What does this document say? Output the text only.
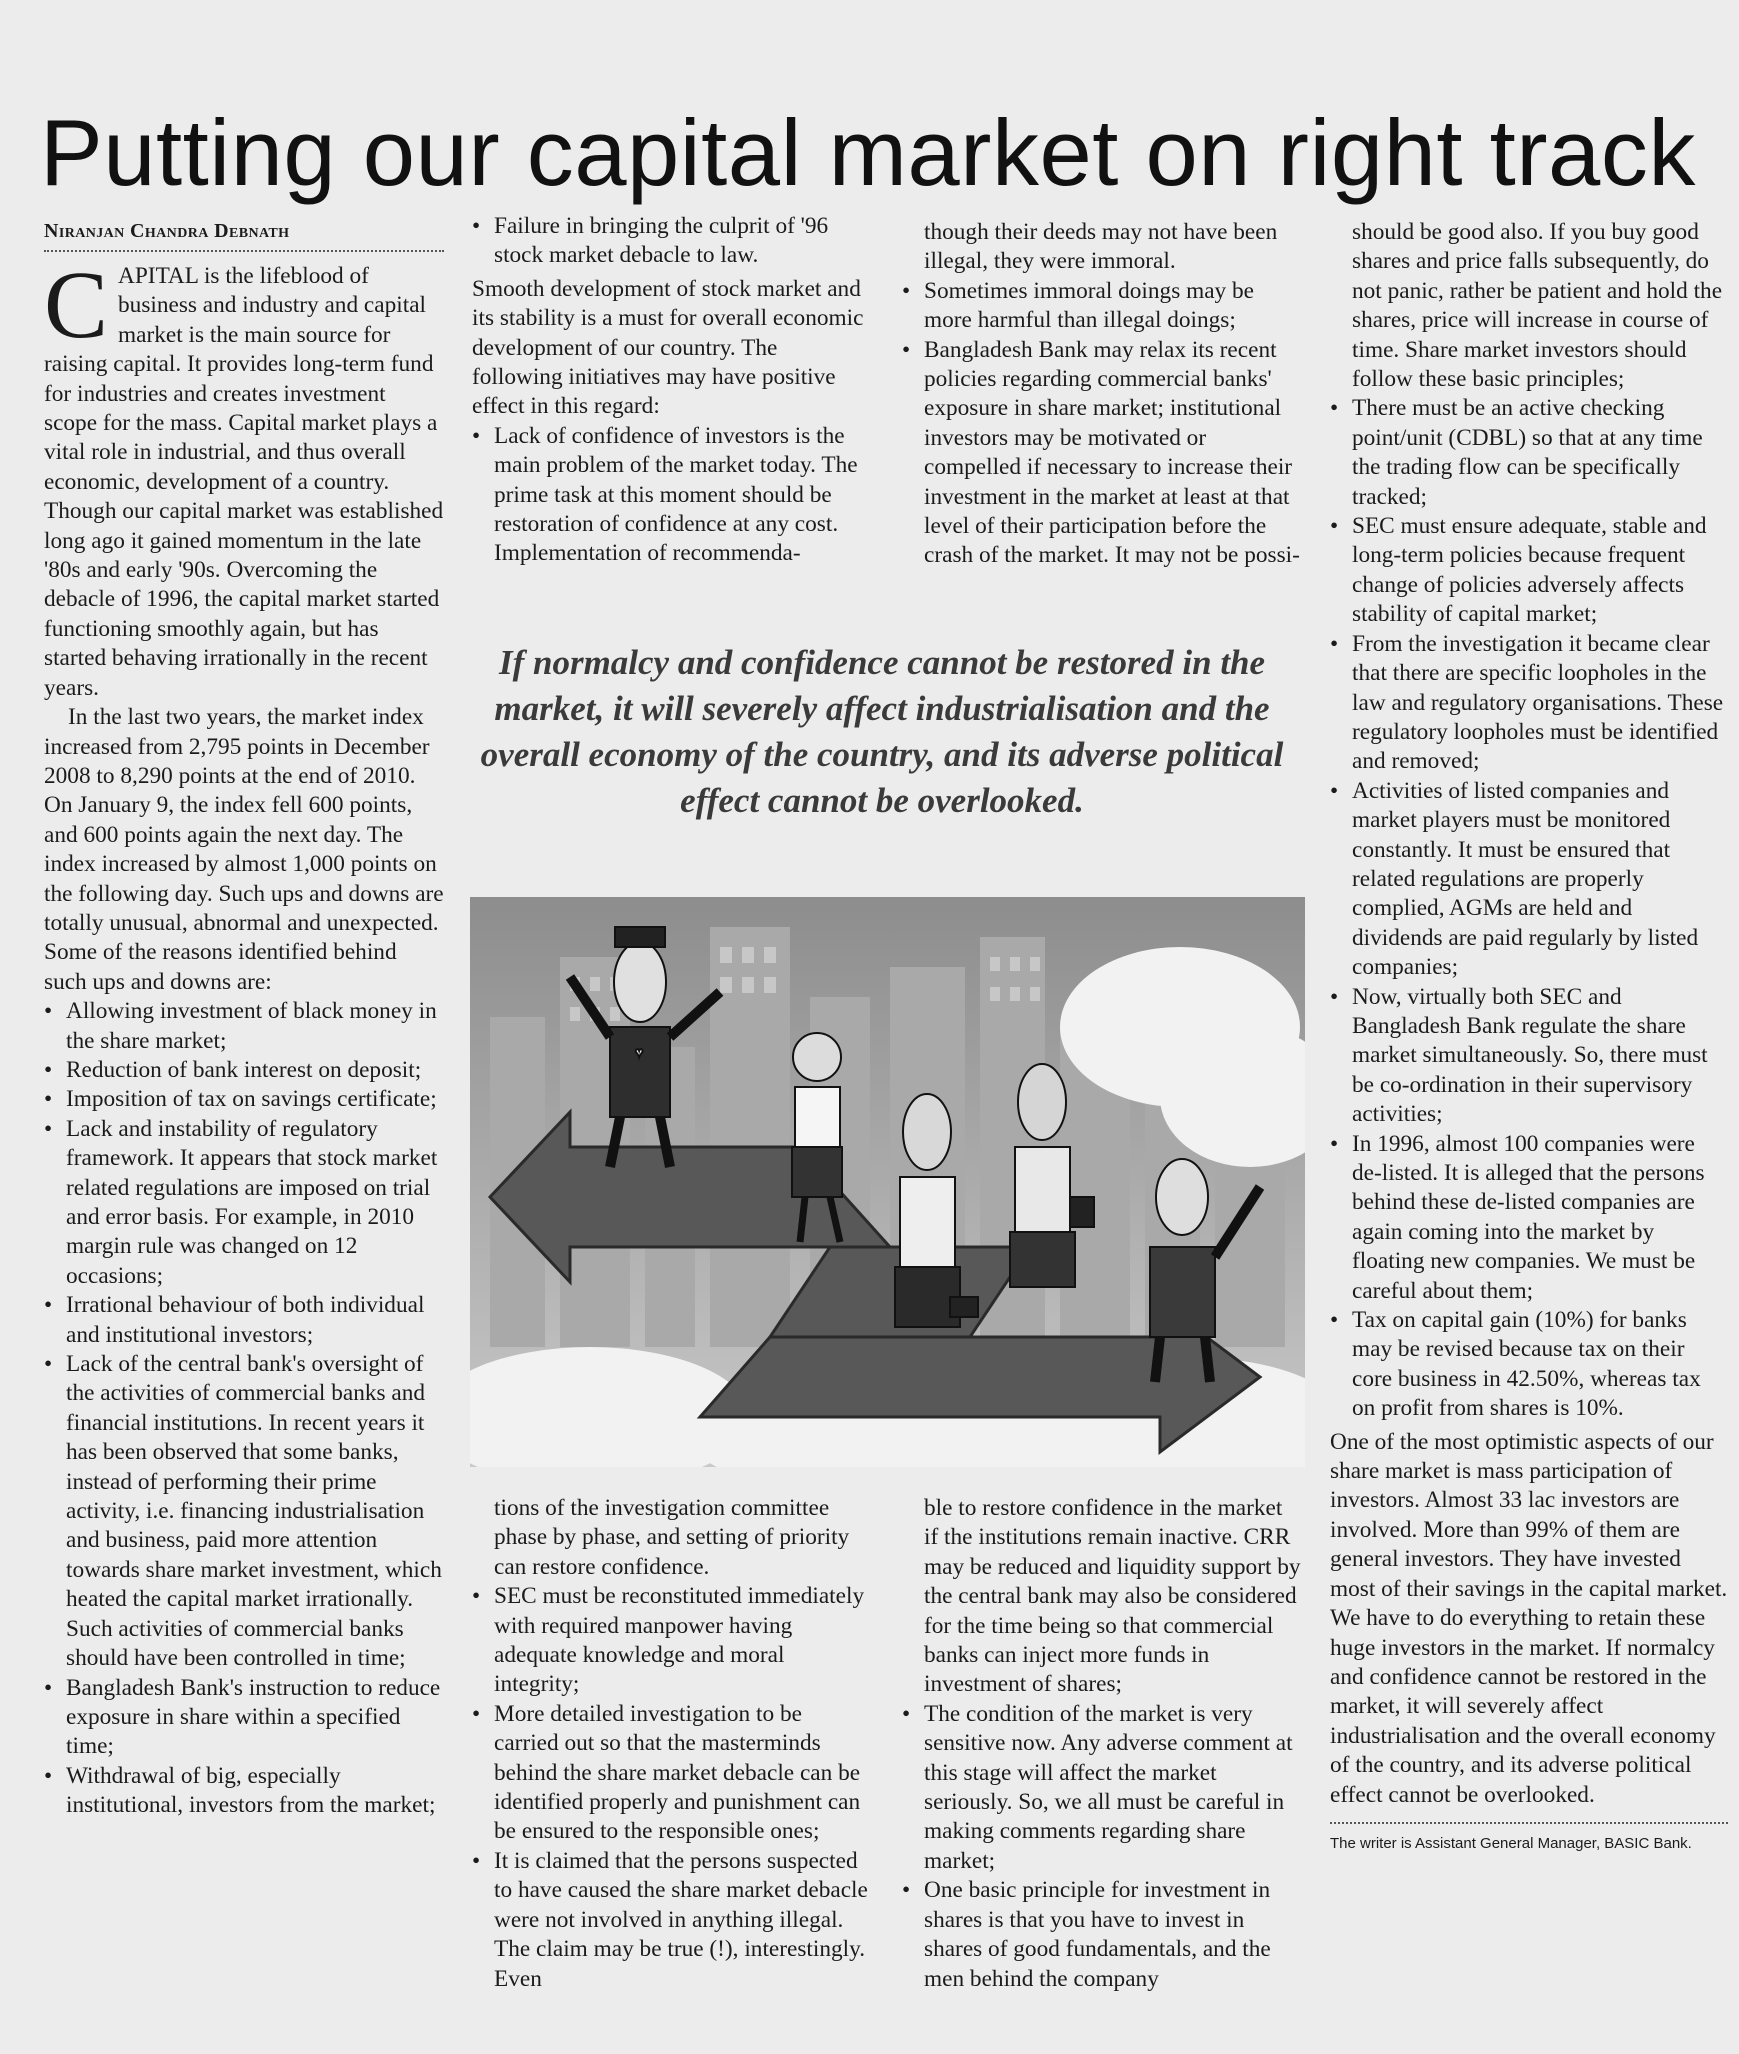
Putting our capital market on right track
Niranjan Chandra Debnath

CAPITAL is the lifeblood of business and industry and capital market is the main source for raising capital. It provides long-term fund for industries and creates investment scope for the mass. Capital market plays a vital role in industrial, and thus overall economic, development of a country. Though our capital market was established long ago it gained momentum in the late '80s and early '90s. Overcoming the debacle of 1996, the capital market started functioning smoothly again, but has started behaving irrationally in the recent years.

In the last two years, the market index increased from 2,795 points in December 2008 to 8,290 points at the end of 2010. On January 9, the index fell 600 points, and 600 points again the next day. The index increased by almost 1,000 points on the following day. Such ups and downs are totally unusual, abnormal and unexpected. Some of the reasons identified behind such ups and downs are:

• Allowing investment of black money in the share market;
• Reduction of bank interest on deposit;
• Imposition of tax on savings certificate;
• Lack and instability of regulatory framework. It appears that stock market related regulations are imposed on trial and error basis. For example, in 2010 margin rule was changed on 12 occasions;
• Irrational behaviour of both individual and institutional investors;
• Lack of the central bank's oversight of the activities of commercial banks and financial institutions. In recent years it has been observed that some banks, instead of performing their prime activity, i.e. financing industrialisation and business, paid more attention towards share market investment, which heated the capital market irrationally. Such activities of commercial banks should have been controlled in time;
• Bangladesh Bank's instruction to reduce exposure in share within a specified time;
• Withdrawal of big, especially institutional, investors from the market;
• Failure in bringing the culprit of '96 stock market debacle to law.

Smooth development of stock market and its stability is a must for overall economic development of our country. The following initiatives may have positive effect in this regard:

• Lack of confidence of investors is the main problem of the market today. The prime task at this moment should be restoration of confidence at any cost. Implementation of recommenda-

though their deeds may not have been illegal, they were immoral.

• Sometimes immoral doings may be more harmful than illegal doings;
• Bangladesh Bank may relax its recent policies regarding commercial banks' exposure in share market; institutional investors may be motivated or compelled if necessary to increase their investment in the market at least at that level of their participation before the crash of the market. It may not be possi-
If normalcy and confidence cannot be restored in the market, it will severely affect industrialisation and the overall economy of the country, and its adverse political effect cannot be overlooked.
♥

tions of the investigation committee phase by phase, and setting of priority can restore confidence.

• SEC must be reconstituted immediately with required manpower having adequate knowledge and moral integrity;
• More detailed investigation to be carried out so that the masterminds behind the share market debacle can be identified properly and punishment can be ensured to the responsible ones;
• It is claimed that the persons suspected to have caused the share market debacle were not involved in anything illegal. The claim may be true (!), interestingly. Even

ble to restore confidence in the market if the institutions remain inactive. CRR may be reduced and liquidity support by the central bank may also be considered for the time being so that commercial banks can inject more funds in investment of shares;

• The condition of the market is very sensitive now. Any adverse comment at this stage will affect the market seriously. So, we all must be careful in making comments regarding share market;
• One basic principle for investment in shares is that you have to invest in shares of good fundamentals, and the men behind the company

should be good also. If you buy good shares and price falls subsequently, do not panic, rather be patient and hold the shares, price will increase in course of time. Share market investors should follow these basic principles;

• There must be an active checking point/unit (CDBL) so that at any time the trading flow can be specifically tracked;
• SEC must ensure adequate, stable and long-term policies because frequent change of policies adversely affects stability of capital market;
• From the investigation it became clear that there are specific loopholes in the law and regulatory organisations. These regulatory loopholes must be identified and removed;
• Activities of listed companies and market players must be monitored constantly. It must be ensured that related regulations are properly complied, AGMs are held and dividends are paid regularly by listed companies;
• Now, virtually both SEC and Bangladesh Bank regulate the share market simultaneously. So, there must be co-ordination in their supervisory activities;
• In 1996, almost 100 companies were de-listed. It is alleged that the persons behind these de-listed companies are again coming into the market by floating new companies. We must be careful about them;
• Tax on capital gain (10%) for banks may be revised because tax on their core business in 42.50%, whereas tax on profit from shares is 10%.

One of the most optimistic aspects of our share market is mass participation of investors. Almost 33 lac investors are involved. More than 99% of them are general investors. They have invested most of their savings in the capital market. We have to do everything to retain these huge investors in the market. If normalcy and confidence cannot be restored in the market, it will severely affect industrialisation and the overall economy of the country, and its adverse political effect cannot be overlooked.

The writer is Assistant General Manager, BASIC Bank.
